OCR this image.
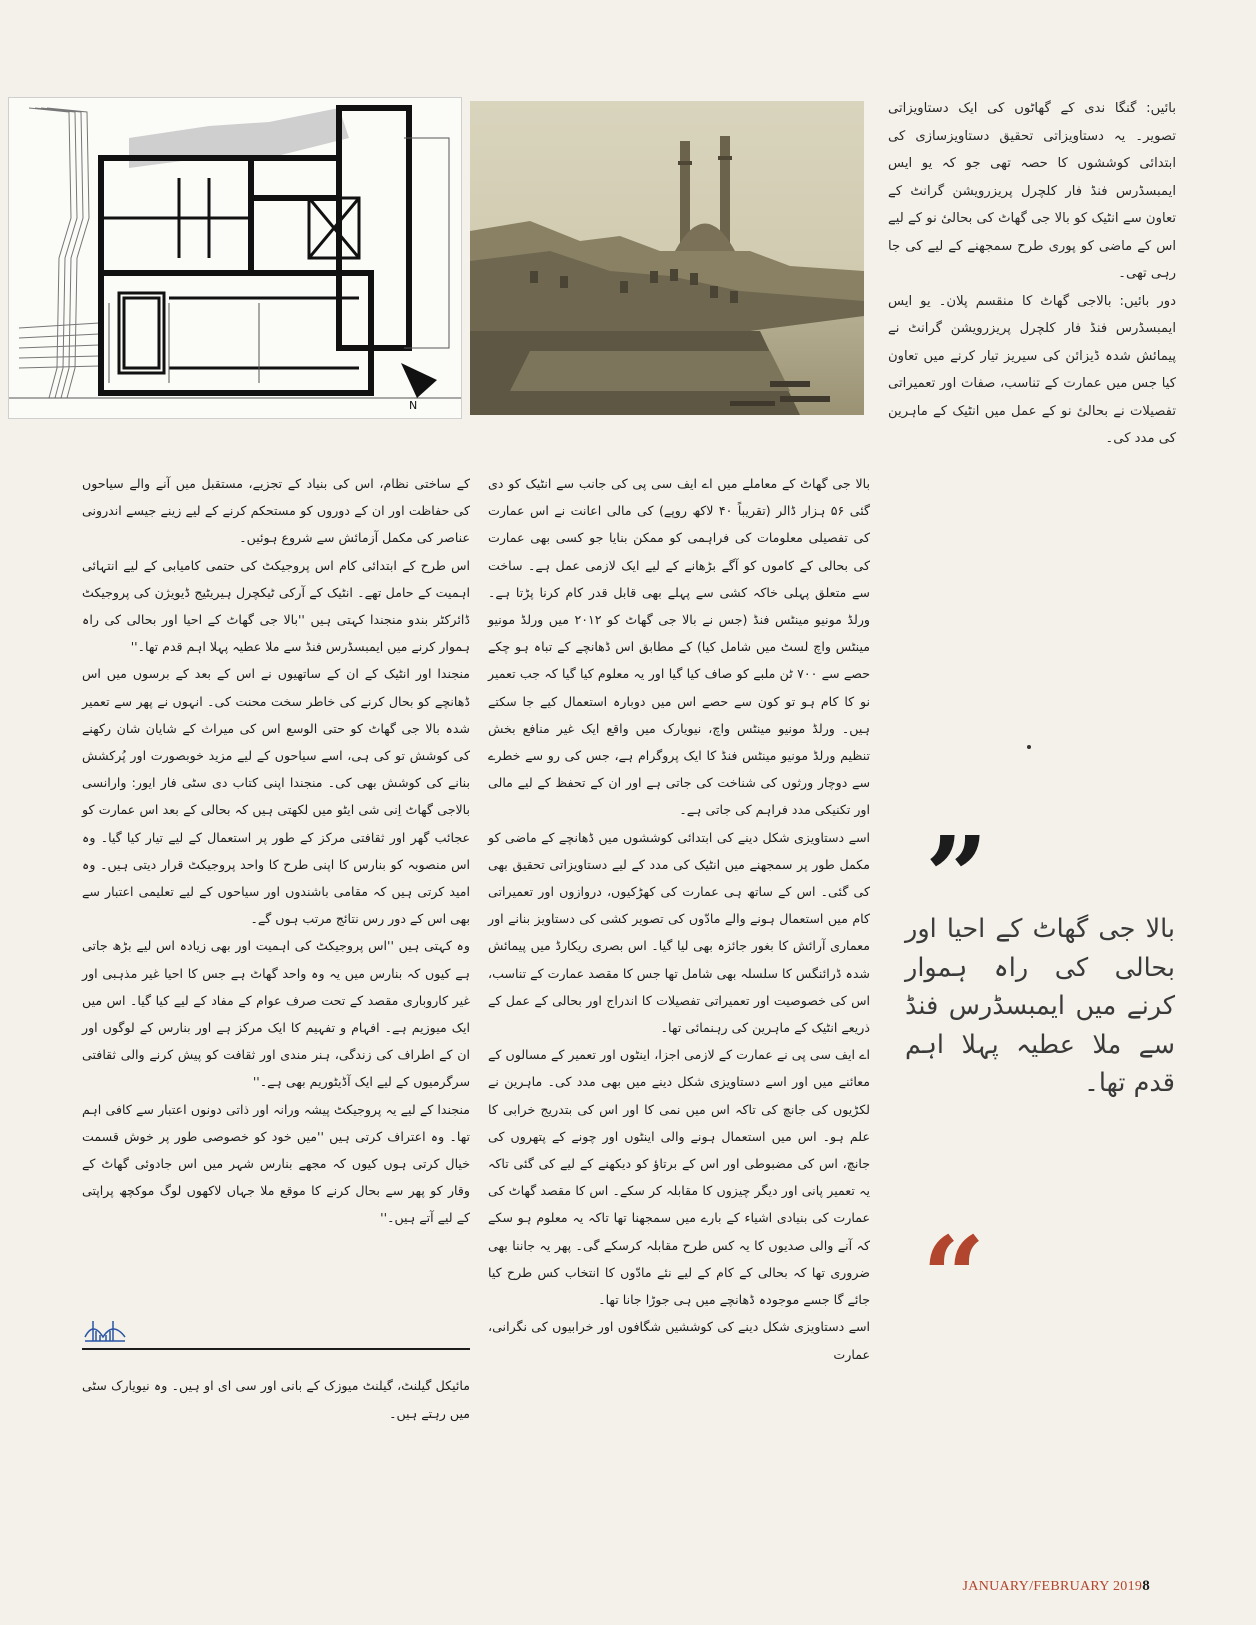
N

بائیں: گنگا ندی کے گھاٹوں کی ایک دستاویزاتی تصویر۔ یہ دستاویزاتی تحقیق دستاویزسازی کی ابتدائی کوششوں کا حصہ تھی جو کہ یو ایس ایمبسڈرس فنڈ فار کلچرل پریزرویشن گرانٹ کے تعاون سے انٹیک کو بالا جی گھاٹ کی بحالیٔ نو کے لیے اس کے ماضی کو پوری طرح سمجھنے کے لیے کی جا رہی تھی۔

دور بائیں: بالاجی گھاٹ کا منقسم پلان۔ یو ایس ایمبسڈرس فنڈ فار کلچرل پریزرویشن گرانٹ نے پیمائش شدہ ڈیزائن کی سیریز تیار کرنے میں تعاون کیا جس میں عمارت کے تناسب، صفات اور تعمیراتی تفصیلات نے بحالیٔ نو کے عمل میں انٹیک کے ماہرین کی مدد کی۔

بالا جی گھاٹ کے معاملے میں اے ایف سی پی کی جانب سے انٹیک کو دی گئی ۵۶ ہزار ڈالر (تقریباً ۴۰ لاکھ روپے) کی مالی اعانت نے اس عمارت کی تفصیلی معلومات کی فراہمی کو ممکن بنایا جو کسی بھی عمارت کی بحالی کے کاموں کو آگے بڑھانے کے لیے ایک لازمی عمل ہے۔ ساخت سے متعلق پہلی خاکہ کشی سے پہلے بھی قابل قدر کام کرنا پڑتا ہے۔ ورلڈ مونیو مینٹس فنڈ (جس نے بالا جی گھاٹ کو ۲۰۱۲ میں ورلڈ مونیو مینٹس واچ لسٹ میں شامل کیا) کے مطابق اس ڈھانچے کے تباہ ہو چکے حصے سے ۷۰۰ ٹن ملبے کو صاف کیا گیا اور یہ معلوم کیا گیا کہ جب تعمیر نو کا کام ہو تو کون سے حصے اس میں دوبارہ استعمال کیے جا سکتے ہیں۔ ورلڈ مونیو مینٹس واچ، نیویارک میں واقع ایک غیر منافع بخش تنظیم ورلڈ مونیو مینٹس فنڈ کا ایک پروگرام ہے، جس کی رو سے خطرے سے دوچار ورثوں کی شناخت کی جاتی ہے اور ان کے تحفظ کے لیے مالی اور تکنیکی مدد فراہم کی جاتی ہے۔

اسے دستاویزی شکل دینے کی ابتدائی کوششوں میں ڈھانچے کے ماضی کو مکمل طور پر سمجھنے میں انٹیک کی مدد کے لیے دستاویزاتی تحقیق بھی کی گئی۔ اس کے ساتھ ہی عمارت کی کھڑکیوں، دروازوں اور تعمیراتی کام میں استعمال ہونے والے مادّوں کی تصویر کشی کی دستاویز بنانے اور معماری آرائش کا بغور جائزہ بھی لیا گیا۔ اس بصری ریکارڈ میں پیمائش شدہ ڈرائنگس کا سلسلہ بھی شامل تھا جس کا مقصد عمارت کے تناسب، اس کی خصوصیت اور تعمیراتی تفصیلات کا اندراج اور بحالی کے عمل کے ذریعے انٹیک کے ماہرین کی رہنمائی تھا۔

اے ایف سی پی نے عمارت کے لازمی اجزا، اینٹوں اور تعمیر کے مسالوں کے معائنے میں اور اسے دستاویزی شکل دینے میں بھی مدد کی۔ ماہرین نے لکڑیوں کی جانچ کی تاکہ اس میں نمی کا اور اس کی بتدریج خرابی کا علم ہو۔ اس میں استعمال ہونے والی اینٹوں اور چونے کے پتھروں کی جانچ، اس کی مضبوطی اور اس کے برتاؤ کو دیکھنے کے لیے کی گئی تاکہ یہ تعمیر پانی اور دیگر چیزوں کا مقابلہ کر سکے۔ اس کا مقصد گھاٹ کی عمارت کی بنیادی اشیاء کے بارے میں سمجھنا تھا تاکہ یہ معلوم ہو سکے کہ آنے والی صدیوں کا یہ کس طرح مقابلہ کرسکے گی۔ پھر یہ جاننا بھی ضروری تھا کہ بحالی کے کام کے لیے نئے مادّوں کا انتخاب کس طرح کیا جائے گا جسے موجودہ ڈھانچے میں ہی جوڑا جانا تھا۔

اسے دستاویزی شکل دینے کی کوششیں شگافوں اور خرابیوں کی نگرانی، عمارت

کے ساختی نظام، اس کی بنیاد کے تجزیے، مستقبل میں آنے والے سیاحوں کی حفاظت اور ان کے دوروں کو مستحکم کرنے کے لیے زینے جیسے اندرونی عناصر کی مکمل آزمائش سے شروع ہوئیں۔

اس طرح کے ابتدائی کام اس پروجیکٹ کی حتمی کامیابی کے لیے انتہائی اہمیت کے حامل تھے۔ انٹیک کے آرکی ٹیکچرل ہیریٹیج ڈیویژن کی پروجیکٹ ڈائرکٹر بندو منجندا کہتی ہیں ''بالا جی گھاٹ کے احیا اور بحالی کی راہ ہموار کرنے میں ایمبسڈرس فنڈ سے ملا عطیہ پہلا اہم قدم تھا۔''

منجندا اور انٹیک کے ان کے ساتھیوں نے اس کے بعد کے برسوں میں اس ڈھانچے کو بحال کرنے کی خاطر سخت محنت کی۔ انہوں نے پھر سے تعمیر شدہ بالا جی گھاٹ کو حتی الوسع اس کی میراث کے شایان شان رکھنے کی کوشش تو کی ہی، اسے سیاحوں کے لیے مزید خوبصورت اور پُرکشش بنانے کی کوشش بھی کی۔ منجندا اپنی کتاب دی سٹی فار ایور: وارانسی بالاجی گھاٹ اِنی شی ایٹو میں لکھتی ہیں کہ بحالی کے بعد اس عمارت کو عجائب گھر اور ثقافتی مرکز کے طور پر استعمال کے لیے تیار کیا گیا۔ وہ اس منصوبہ کو بنارس کا اپنی طرح کا واحد پروجیکٹ قرار دیتی ہیں۔ وہ امید کرتی ہیں کہ مقامی باشندوں اور سیاحوں کے لیے تعلیمی اعتبار سے بھی اس کے دور رس نتائج مرتب ہوں گے۔

وہ کہتی ہیں ''اس پروجیکٹ کی اہمیت اور بھی زیادہ اس لیے بڑھ جاتی ہے کیوں کہ بنارس میں یہ وہ واحد گھاٹ ہے جس کا احیا غیر مذہبی اور غیر کاروباری مقصد کے تحت صرف عوام کے مفاد کے لیے کیا گیا۔ اس میں ایک میوزیم ہے۔ افہام و تفہیم کا ایک مرکز ہے اور بنارس کے لوگوں اور ان کے اطراف کی زندگی، ہنر مندی اور ثقافت کو پیش کرنے والی ثقافتی سرگرمیوں کے لیے ایک آڈیٹوریم بھی ہے۔''

منجندا کے لیے یہ پروجیکٹ پیشہ ورانہ اور ذاتی دونوں اعتبار سے کافی اہم تھا۔ وہ اعتراف کرتی ہیں ''میں خود کو خصوصی طور پر خوش قسمت خیال کرتی ہوں کیوں کہ مجھے بنارس شہر میں اس جادوئی گھاٹ کے وقار کو پھر سے بحال کرنے کا موقع ملا جہاں لاکھوں لوگ موکچھ پراپتی کے لیے آتے ہیں۔''

مائیکل گیلنٹ، گیلنٹ میوزک کے بانی اور سی ای او ہیں۔ وہ نیویارک سٹی میں رہتے ہیں۔

”
بالا جی گھاٹ کے احیا اور بحالی کی راہ ہموار کرنے میں ایمبسڈرس فنڈ سے ملا عطیہ پہلا اہم قدم تھا۔
“
JANUARY/FEBRUARY 20198
